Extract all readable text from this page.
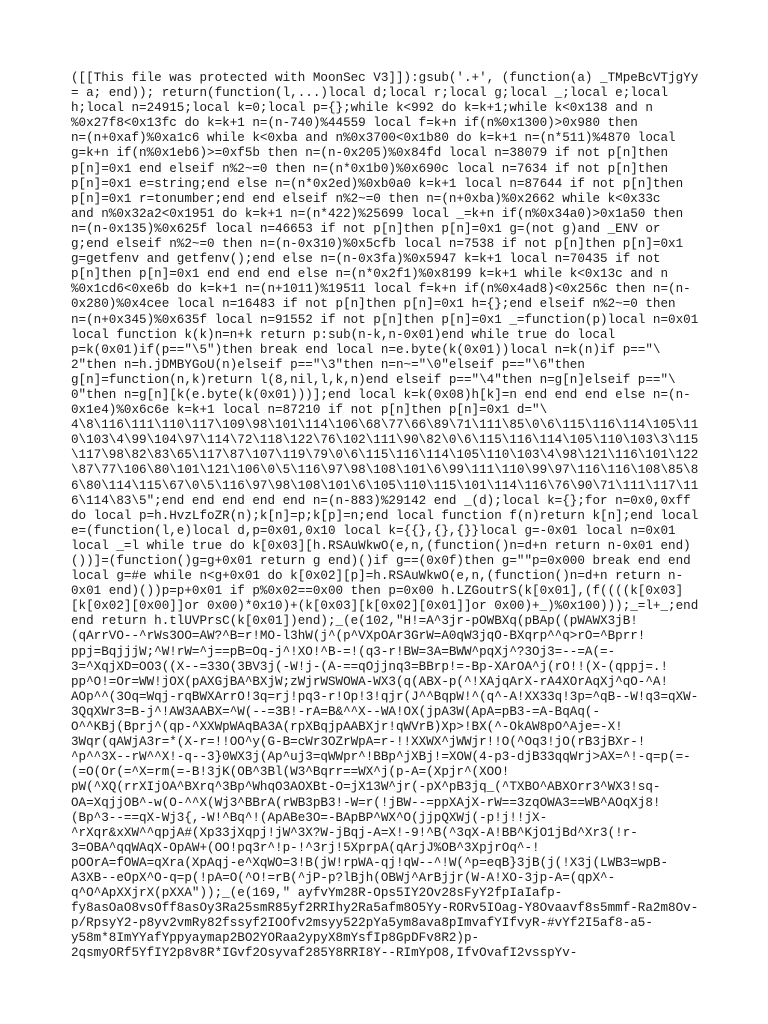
([[This file was protected with MoonSec V3]]):gsub('.+', (function(a) _TMpeBcVTjgYy
= a; end)); return(function(l,...)local d;local r;local g;local _;local e;local
h;local n=24915;local k=0;local p={};while k<992 do k=k+1;while k<0x138 and n
%0x27f8<0x13fc do k=k+1 n=(n-740)%44559 local f=k+n if(n%0x1300)>0x980 then
n=(n+0xaf)%0xa1c6 while k<0xba and n%0x3700<0x1b80 do k=k+1 n=(n*511)%4870 local
g=k+n if(n%0x1eb6)>=0xf5b then n=(n-0x205)%0x84fd local n=38079 if not p[n]then
p[n]=0x1 end elseif n%2~=0 then n=(n*0x1b0)%0x690c local n=7634 if not p[n]then
p[n]=0x1 e=string;end else n=(n*0x2ed)%0xb0a0 k=k+1 local n=87644 if not p[n]then
p[n]=0x1 r=tonumber;end end elseif n%2~=0 then n=(n+0xba)%0x2662 while k<0x33c
and n%0x32a2<0x1951 do k=k+1 n=(n*422)%25699 local _=k+n if(n%0x34a0)>0x1a50 then
n=(n-0x135)%0x625f local n=46653 if not p[n]then p[n]=0x1 g=(not g)and _ENV or
g;end elseif n%2~=0 then n=(n-0x310)%0x5cfb local n=7538 if not p[n]then p[n]=0x1
g=getfenv and getfenv();end else n=(n-0x3fa)%0x5947 k=k+1 local n=70435 if not
p[n]then p[n]=0x1 end end end else n=(n*0x2f1)%0x8199 k=k+1 while k<0x13c and n
%0x1cd6<0xe6b do k=k+1 n=(n+1011)%19511 local f=k+n if(n%0x4ad8)<0x256c then n=(n-
0x280)%0x4cee local n=16483 if not p[n]then p[n]=0x1 h={};end elseif n%2~=0 then
n=(n+0x345)%0x635f local n=91552 if not p[n]then p[n]=0x1 _=function(p)local n=0x01
local function k(k)n=n+k return p:sub(n-k,n-0x01)end while true do local
p=k(0x01)if(p=="\5")then break end local n=e.byte(k(0x01))local n=k(n)if p=="\
2"then n=h.jDMBYGoU(n)elseif p=="\3"then n=n~="\0"elseif p=="\6"then
g[n]=function(n,k)return l(8,nil,l,k,n)end elseif p=="\4"then n=g[n]elseif p=="\
0"then n=g[n][k(e.byte(k(0x01)))];end local k=k(0x08)h[k]=n end end end else n=(n-
0x1e4)%0x6c6e k=k+1 local n=87210 if not p[n]then p[n]=0x1 d="\
4\8\116\111\110\117\109\98\101\114\106\68\77\66\89\71\111\85\0\6\115\116\114\105\11
0\103\4\99\104\97\114\72\118\122\76\102\111\90\82\0\6\115\116\114\105\110\103\3\115
\117\98\82\83\65\117\87\107\119\79\0\6\115\116\114\105\110\103\4\98\121\116\101\122
\87\77\106\80\101\121\106\0\5\116\97\98\108\101\6\99\111\110\99\97\116\116\108\85\8
6\80\114\115\67\0\5\116\97\98\108\101\6\105\110\115\101\114\116\76\90\71\111\117\11
6\114\83\5";end end end end end n=(n-883)%29142 end _(d);local k={};for n=0x0,0xff
do local p=h.HvzLfoZR(n);k[n]=p;k[p]=n;end local function f(n)return k[n];end local
e=(function(l,e)local d,p=0x01,0x10 local k={{},{},{}}local g=-0x01 local n=0x01
local _=l while true do k[0x03][h.RSAuWkwO(e,n,(function()n=d+n return n-0x01 end)
())]=(function()g=g+0x01 return g end)()if g==(0x0f)then g=""p=0x000 break end end
local g=#e while n<g+0x01 do k[0x02][p]=h.RSAuWkwO(e,n,(function()n=d+n return n-
0x01 end)())p=p+0x01 if p%0x02==0x00 then p=0x00 h.LZGoutrS(k[0x01],(f((((k[0x03]
[k[0x02][0x00]]or 0x00)*0x10)+(k[0x03][k[0x02][0x01]]or 0x00)+_)%0x100)));_=l+_;end
end return h.tlUVPrsC(k[0x01])end);_(e(102,"H!=A^3jr-pOWBXq(pBAp((pWAWX3jB!
(qArrVO--^rWs3OO=AW?^B=r!MO-l3hW(j^(p^VXpOAr3GrW=A0qW3jqO-BXqrp^^q>rO=^Bprr!
ppj=BqjjjW;^W!rW=^j==pB=Oq-j^!XO!^B-=!(q3-r!BW=3A=BWW^pqXj^?3Oj3=--=A(=-
3=^XqjXD=OO3((X--=33O(3BV3j(-W!j-(A-==qOjjnq3=BBrp!=-Bp-XArOA^j(rO!!(X-(qppj=.!
pp^O!=Or=WW!jOX(pAXGjBA^BXjW;zWjrWSWOWA-WX3(q(ABX-p(^!XAjqArX-rA4XOrAqXj^qO-^A!
AOp^^(3Oq=Wqj-rqBWXArrO!3q=rj!pq3-r!Op!3!qjr(J^^BqpW!^(q^-A!XX33q!3p=^qB--W!q3=qXW-
3QqXWr3=B-j^!AW3AABX=^W(--=3B!-rA=B&^^X--WA!OX(jpA3W(ApA=pB3-=A-BqAq(-
O^^KBj(Bprj^(qp-^XXWpWAqBA3A(rpXBqjpAABXjr!qWVrB)Xp>!BX(^-OkAW8pO^Aje=-X!
3Wqr(qAWjA3r=*(X-r=!!OO^y(G-B=cWr3OZrWpA=r-!!XXWX^jWWjr!!O(^Oq3!jO(rB3jBXr-!
^p^^3X--rW^^X!-q--3}0WX3j(Ap^uj3=qWWpr^!BBp^jXBj!=XOW(4-p3-djB33qqWrj>AX=^!-q=p(=-
(=O(Or(=^X=rm(=-B!3jK(OB^3Bl(W3^Bqrr==WX^j(p-A=(Xpjr^(XOO!
pW(^XQ(rrXIjOA^BXrq^3Bp^WhqO3AOXBt-O=jX13W^jr(-pX^pB3jq_(^TXBO^ABXOrr3^WX3!sq-
OA=XqjjOB^-w(O-^^X(Wj3^BBrA(rWB3pB3!-W=r(!jBW--=ppXAjX-rW==3zqOWA3==WB^AOqXj8!
(Bp^3--==qX-Wj3{,-W!^Bq^!(ApABe3O=-BApBP^WX^O(jjpQXWj(-p!j!!jX-
^rXqr&xXW^^qpjA#(Xp33jXqpj!jW^3X?W-jBqj-A=X!-9!^B(^3qX-A!BB^KjO1jBd^Xr3(!r-
3=OBA^qqWAqX-OpAW+(OO!pq3r^!p-!^3rj!5XprpA(qArjJ%OB^3XpjrOq^-!
pOOrA=fOWA=qXra(XpAqj-e^XqWO=3!B(jW!rpWA-qj!qW--^!W(^p=eqB}3jB(j(!X3j(LWB3=wpB-
A3XB--eOpX^O-q=p(!pA=O(^O!=rB(^jP-p?lBjh(OBWj^ArBjjr(W-A!XO-3jp-A=(qpX^-
q^O^ApXXjrX(pXXA"));_(e(169," ayfvYm28R-Ops5IY2Ov28sFyY2fpIaIafp-
fy8asOaO8vsOff8asOy3Ra25smR85yf2RRIhy2Ra5afm8O5Yy-RORv5IOag-Y8Ovaavf8s5mmf-Ra2m8Ov-
p/RpsyY2-p8yv2vmRy82fssyf2IOOfv2msyy522pYa5ym8ava8pImvafYIfvyR-#vYf2I5af8-a5-
y58m*8ImYYafYppyaymap2BO2YORaa2ypyX8mYsfIp8GpDFv8R2)p-
2qsmyORf5YfIY2p8v8R*IGvf2Osyvaf285Y8RRI8Y--RImYpO8,IfvOvafI2vsspYv-
